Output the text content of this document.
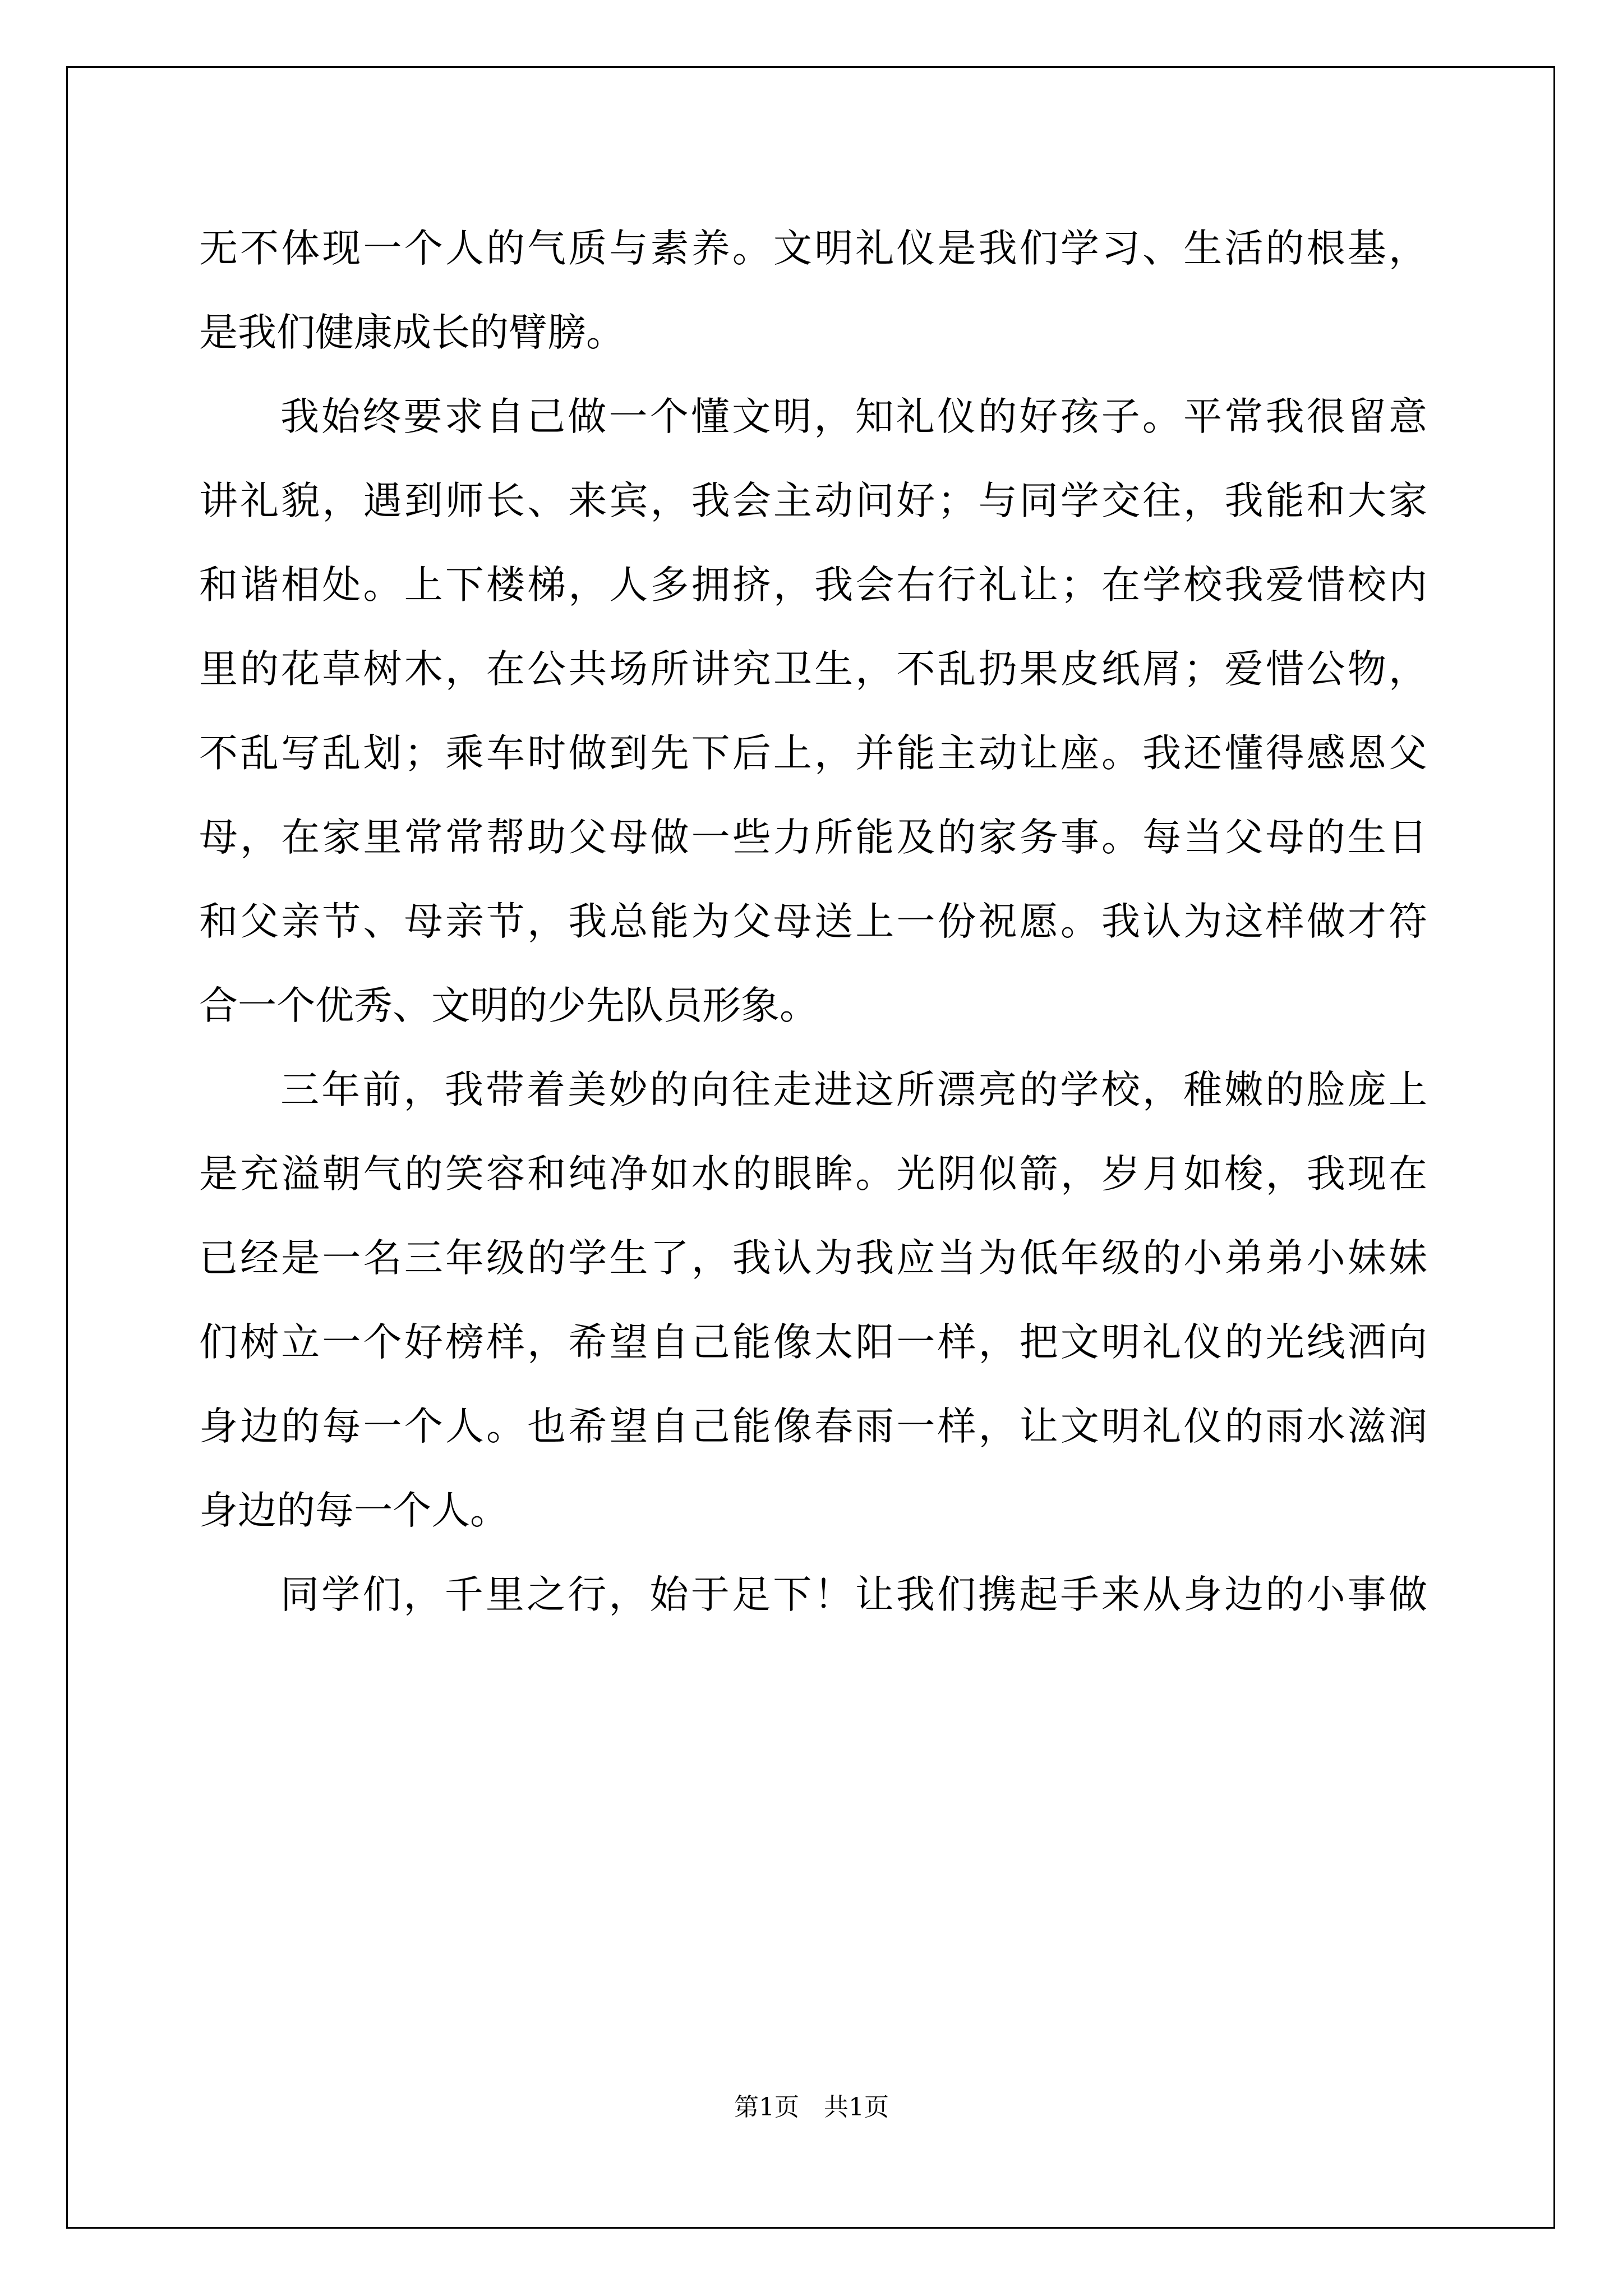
无不体现一个人的气质与素养。文明礼仪是我们学习、生活的根基，
是我们健康成长的臂膀。
我始终要求自己做一个懂文明，知礼仪的好孩子。平常我很留意
讲礼貌，遇到师长、来宾，我会主动问好；与同学交往，我能和大家
和谐相处。上下楼梯，人多拥挤，我会右行礼让；在学校我爱惜校内
里的花草树木，在公共场所讲究卫生，不乱扔果皮纸屑；爱惜公物，
不乱写乱划；乘车时做到先下后上，并能主动让座。我还懂得感恩父
母，在家里常常帮助父母做一些力所能及的家务事。每当父母的生日
和父亲节、母亲节，我总能为父母送上一份祝愿。我认为这样做才符
合一个优秀、文明的少先队员形象。
三年前，我带着美妙的向往走进这所漂亮的学校，稚嫩的脸庞上
是充溢朝气的笑容和纯净如水的眼眸。光阴似箭，岁月如梭，我现在
已经是一名三年级的学生了，我认为我应当为低年级的小弟弟小妹妹
们树立一个好榜样，希望自己能像太阳一样，把文明礼仪的光线洒向
身边的每一个人。也希望自己能像春雨一样，让文明礼仪的雨水滋润
身边的每一个人。
同学们，千里之行，始于足下！让我们携起手来从身边的小事做
第1页　共1页
